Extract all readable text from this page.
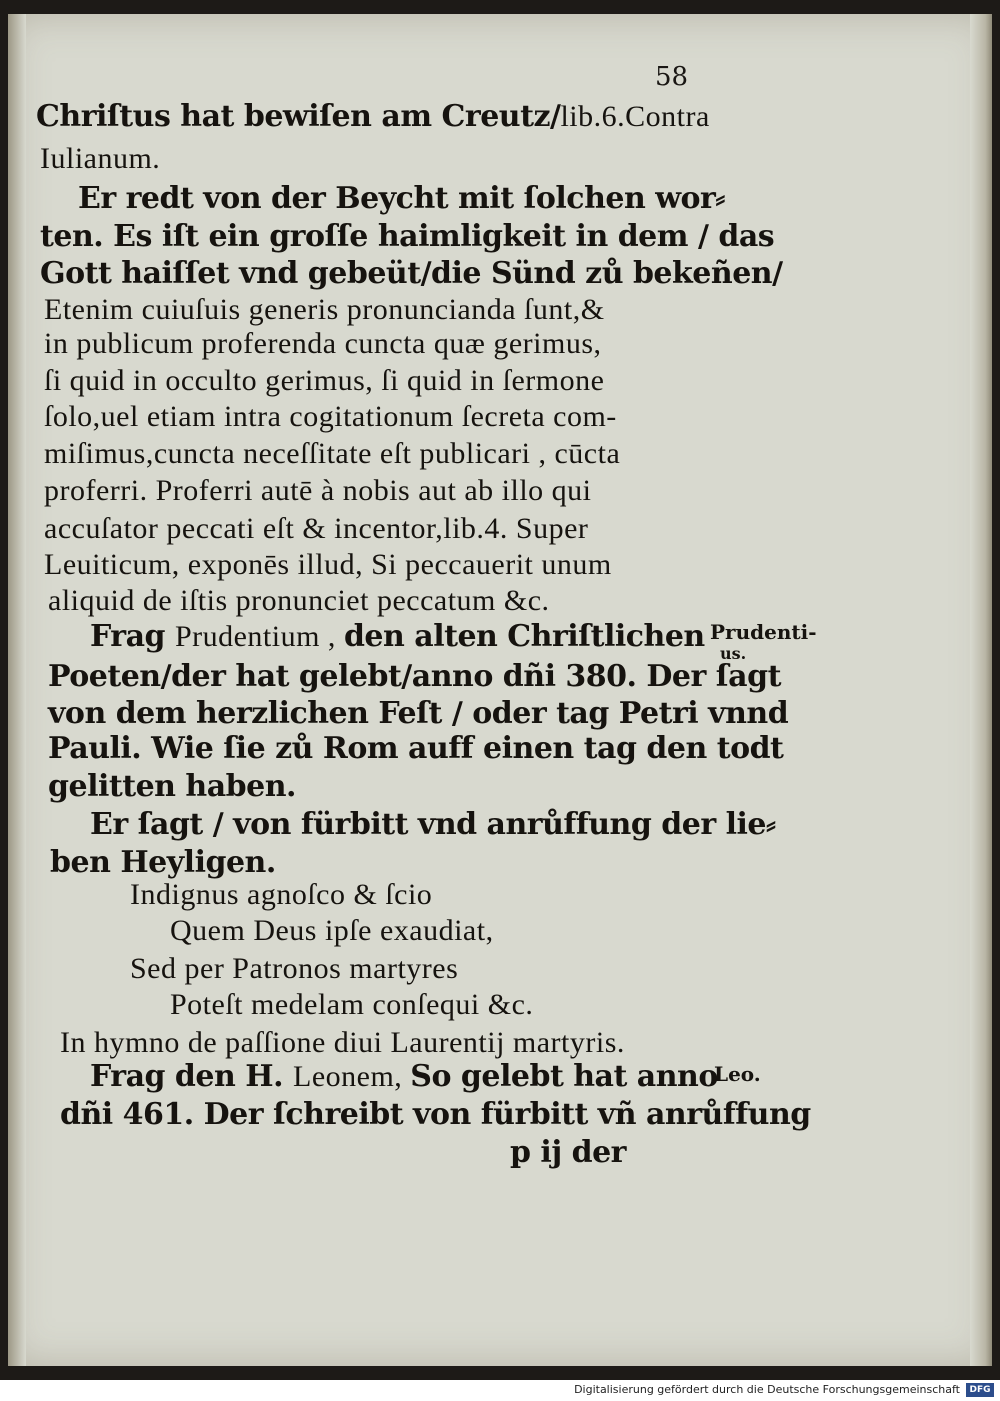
58
Chriſtus hat bewiſen am Creutz/lib.6.Contra
Iulianum.
Er redt von der Beycht mit ſolchen wor⸗
ten. Es iſt ein groſſe haimligkeit in dem / das
Gott haiſſet vnd gebeüt/die Sünd zů bekeñen/
Etenim cuiuſuis generis pronuncianda ſunt,&
in publicum proferenda cuncta quæ gerimus,
ſi quid in occulto gerimus, ſi quid in ſermone
ſolo,uel etiam intra cogitationum ſecreta com-
miſimus,cuncta neceſſitate eſt publicari , cūcta
proferri. Proferri autē à nobis aut ab illo qui
accuſator peccati eſt & incentor,lib.4. Super
Leuiticum, exponēs illud, Si peccauerit unum
aliquid de iſtis pronunciet peccatum &c.
Frag Prudentium , den alten Chriſtlichen
Poeten/der hat gelebt/anno dñi 380. Der ſagt
von dem herzlichen Feſt / oder tag Petri vnnd
Pauli. Wie ſie zů Rom auff einen tag den todt
gelitten haben.
Er ſagt / von fürbitt vnd anrůffung der lie⸗
ben Heyligen.
Indignus agnoſco & ſcio
Quem Deus ipſe exaudiat,
Sed per Patronos martyres
Poteſt medelam conſequi &c.
In hymno de paſſione diui Laurentij martyris.
Frag den H. Leonem, So gelebt hat anno
dñi 461. Der ſchreibt von fürbitt vñ anrůffung
p ij der
Prudenti-
us.
Leo.
Digitalisierung gefördert durch die Deutsche Forschungsgemeinschaft	DFG
